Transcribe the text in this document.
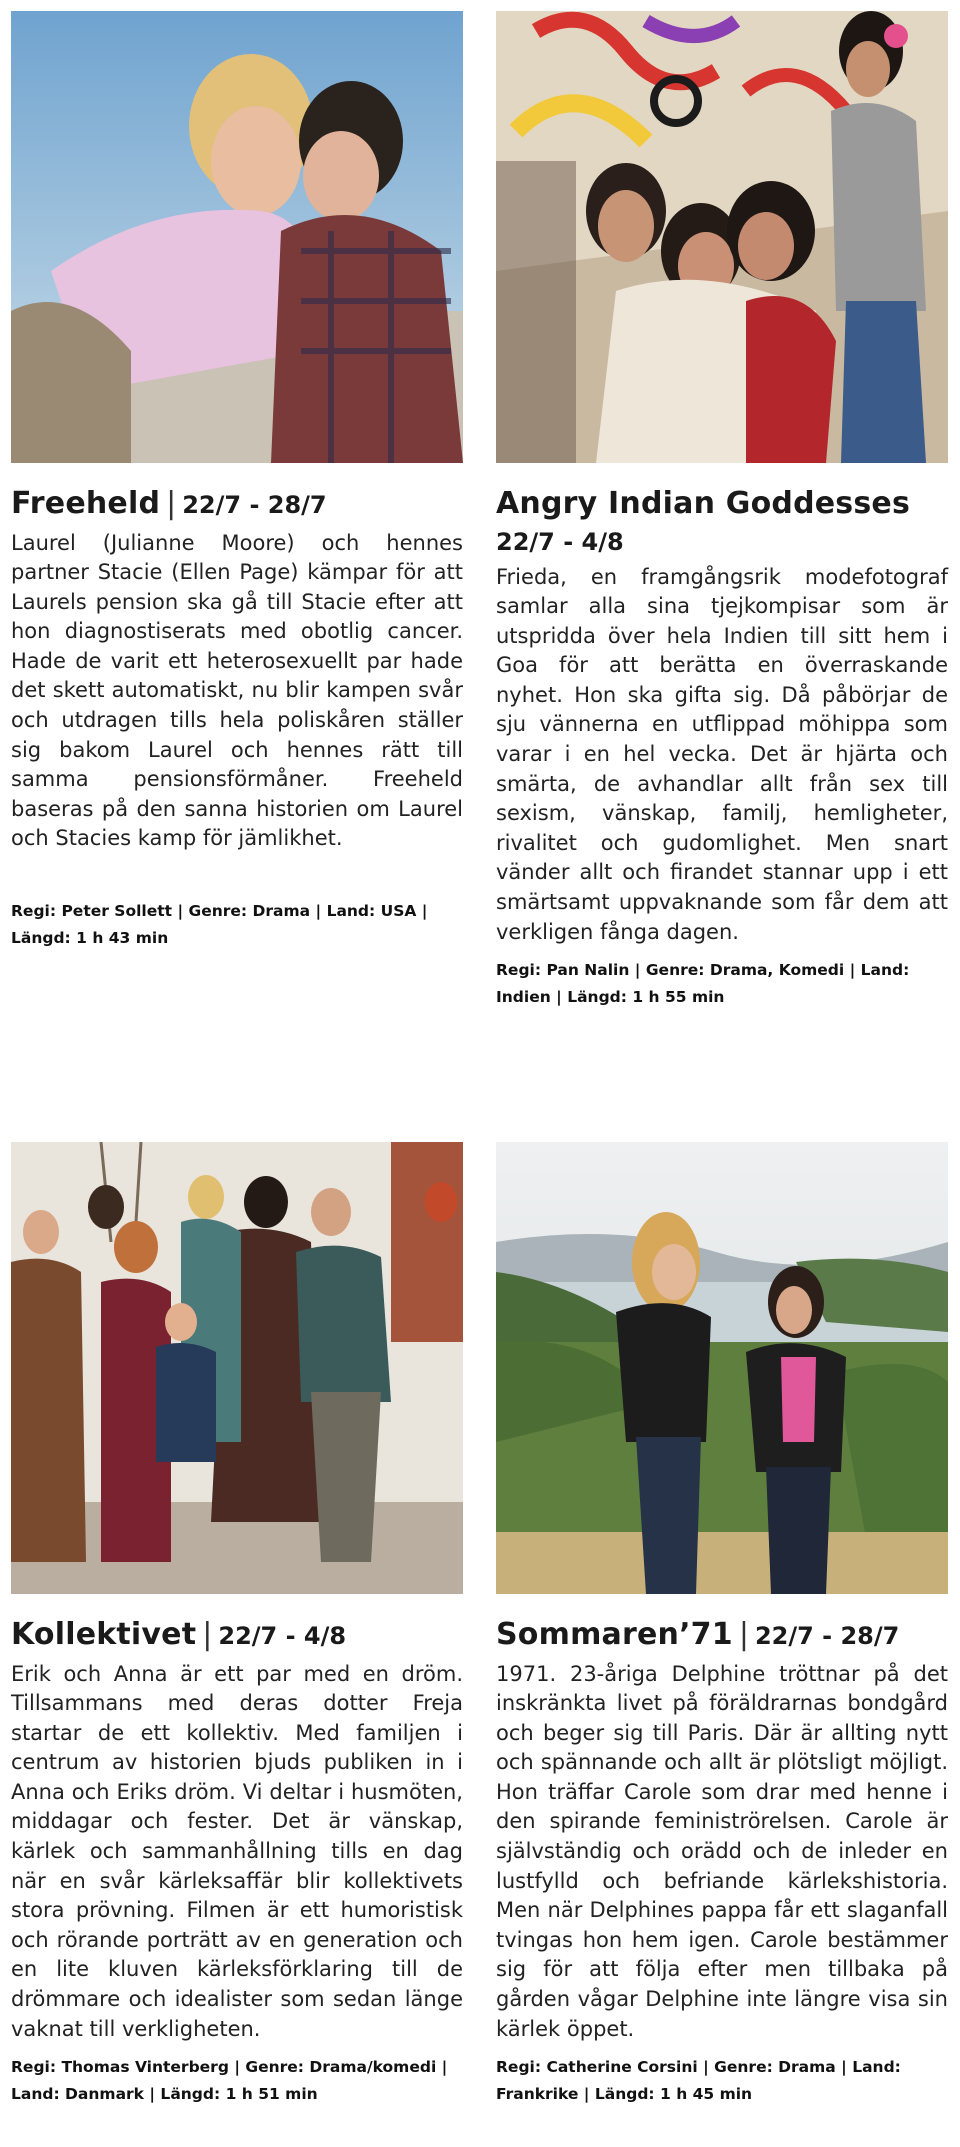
Freeheld | 22/7 - 28/7

Laurel (Julianne Moore) och hennes partner Stacie (Ellen Page) kämpar för att Laurels pension ska gå till Stacie efter att hon diagnostiserats med obotlig cancer. Hade de varit ett heterosexuellt par hade det skett automatiskt, nu blir kampen svår och utdragen tills hela poliskåren ställer sig bakom Laurel och hennes rätt till samma pensionsförmåner. Freeheld baseras på den sanna historien om Laurel och Stacies kamp för jämlikhet.

Regi: Peter Sollett | Genre: Drama | Land: USA | Längd: 1 h 43 min

Angry Indian Goddesses
22/7 - 4/8

Frieda, en framgångsrik modefotograf samlar alla sina tjejkompisar som är utspridda över hela Indien till sitt hem i Goa för att berätta en överraskande nyhet. Hon ska gifta sig. Då påbörjar de sju vännerna en utflippad möhippa som varar i en hel vecka. Det är hjärta och smärta, de avhandlar allt från sex till sexism, vänskap, familj, hemligheter, rivalitet och gudomlighet. Men snart vänder allt och firandet stannar upp i ett smärtsamt uppvaknande som får dem att verkligen fånga dagen.

Regi: Pan Nalin | Genre: Drama, Komedi | Land: Indien | Längd: 1 h 55 min

Kollektivet | 22/7 - 4/8

Erik och Anna är ett par med en dröm. Tillsammans med deras dotter Freja startar de ett kollektiv. Med familjen i centrum av historien bjuds publiken in i Anna och Eriks dröm. Vi deltar i husmöten, middagar och fester. Det är vänskap, kärlek och sammanhållning tills en dag när en svår kärleksaffär blir kollektivets stora prövning. Filmen är ett humoristisk och rörande porträtt av en generation och en lite kluven kärleksförklaring till de drömmare och idealister som sedan länge vaknat till verkligheten.

Regi: Thomas Vinterberg | Genre: Drama/komedi | Land: Danmark | Längd: 1 h 51 min

Sommaren’71 | 22/7 - 28/7

1971. 23-åriga Delphine tröttnar på det inskränkta livet på föräldrarnas bondgård och beger sig till Paris. Där är allting nytt och spännande och allt är plötsligt möjligt. Hon träffar Carole som drar med henne i den spirande feministrörelsen. Carole är självständig och orädd och de inleder en lustfylld och befriande kärlekshistoria. Men när Delphines pappa får ett slaganfall tvingas hon hem igen. Carole bestämmer sig för att följa efter men tillbaka på gården vågar Delphine inte längre visa sin kärlek öppet.

Regi: Catherine Corsini | Genre: Drama | Land: Frankrike | Längd: 1 h 45 min
